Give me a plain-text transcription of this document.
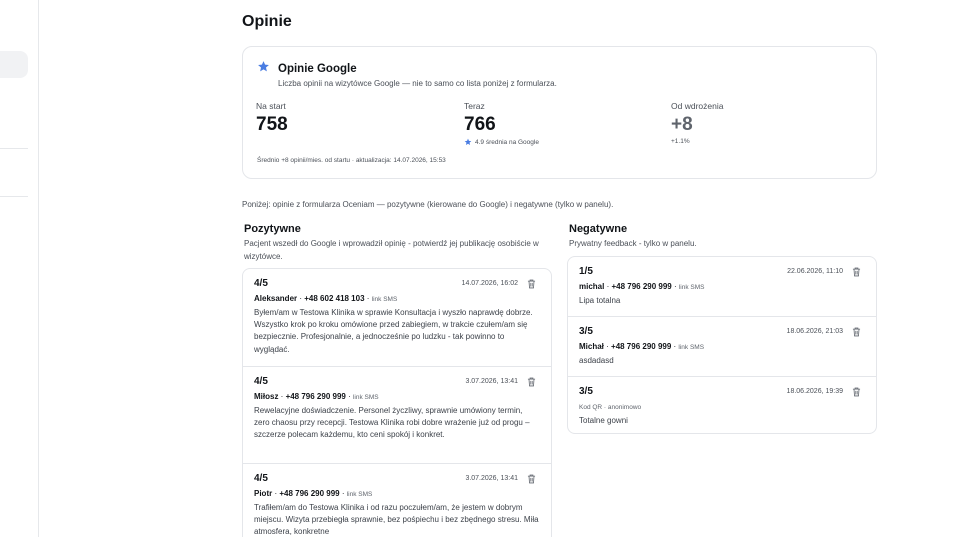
Opinie
Opinie Google
Liczba opinii na wizytówce Google — nie to samo co lista poniżej z formularza.
Na start
758
Teraz
766
4.9 średnia na Google
Od wdrożenia
+8
+1.1%
Średnio +8 opinii/mies. od startu · aktualizacja: 14.07.2026, 15:53
Poniżej: opinie z formularza Oceniam — pozytywne (kierowane do Google) i negatywne (tylko w panelu).
Pozytywne
Pacjent wszedł do Google i wprowadził opinię - potwierdź jej publikację osobiście w wizytówce.
4/5	14.07.2026, 16:02
Aleksander · +48 602 418 103 · link SMS
Byłem/am w Testowa Klinika w sprawie Konsultacja i wyszło naprawdę dobrze. Wszystko krok po kroku omówione przed zabiegiem, w trakcie czułem/am się bezpiecznie. Profesjonalnie, a jednocześnie po ludzku - tak powinno to wyglądać.
4/5	3.07.2026, 13:41
Miłosz · +48 796 290 999 · link SMS
Rewelacyjne doświadczenie. Personel życzliwy, sprawnie umówiony termin, zero chaosu przy recepcji. Testowa Klinika robi dobre wrażenie już od progu – szczerze polecam każdemu, kto ceni spokój i konkret.
4/5	3.07.2026, 13:41
Piotr · +48 796 290 999 · link SMS
Trafiłem/am do Testowa Klinika i od razu poczułem/am, że jestem w dobrym miejscu. Wizyta przebiegła sprawnie, bez pośpiechu i bez zbędnego stresu. Miła atmosfera, konkretne
Negatywne
Prywatny feedback - tylko w panelu.
1/5	22.06.2026, 11:10
michal · +48 796 290 999 · link SMS
Lipa totalna
3/5	18.06.2026, 21:03
Michał · +48 796 290 999 · link SMS
asdadasd
3/5	18.06.2026, 19:39
Kod QR · anonimowo
Totalne gowni
